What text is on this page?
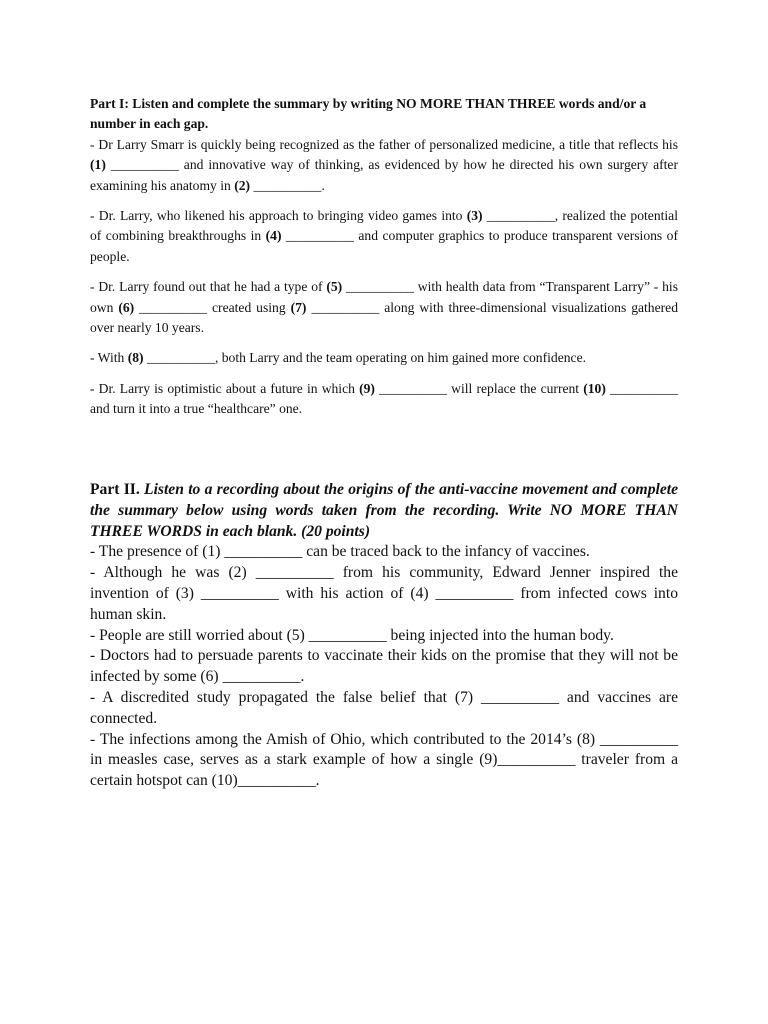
Part I: Listen and complete the summary by writing NO MORE THAN THREE words and/or a number in each gap.

- Dr Larry Smarr is quickly being recognized as the father of personalized medicine, a title that reflects his (1) __________ and innovative way of thinking, as evidenced by how he directed his own surgery after examining his anatomy in (2) __________.

- Dr. Larry, who likened his approach to bringing video games into (3) __________, realized the potential of combining breakthroughs in (4) __________ and computer graphics to produce transparent versions of people.

- Dr. Larry found out that he had a type of (5) __________ with health data from “Transparent Larry” - his own (6) __________ created using (7) __________ along with three-dimensional visualizations gathered over nearly 10 years.

- With (8) __________, both Larry and the team operating on him gained more confidence.

- Dr. Larry is optimistic about a future in which (9) __________ will replace the current (10) __________ and turn it into a true “healthcare” one.

Part II. Listen to a recording about the origins of the anti-vaccine movement and complete the summary below using words taken from the recording. Write NO MORE THAN THREE WORDS in each blank. (20 points)

- The presence of (1) __________ can be traced back to the infancy of vaccines.

- Although he was (2) __________ from his community, Edward Jenner inspired the invention of (3) __________ with his action of (4) __________ from infected cows into human skin.

- People are still worried about (5) __________ being injected into the human body.

- Doctors had to persuade parents to vaccinate their kids on the promise that they will not be infected by some (6) __________.

- A discredited study propagated the false belief that (7) __________ and vaccines are connected.

- The infections among the Amish of Ohio, which contributed to the 2014’s (8) __________ in measles case, serves as a stark example of how a single (9)__________ traveler from a certain hotspot can (10)__________.
